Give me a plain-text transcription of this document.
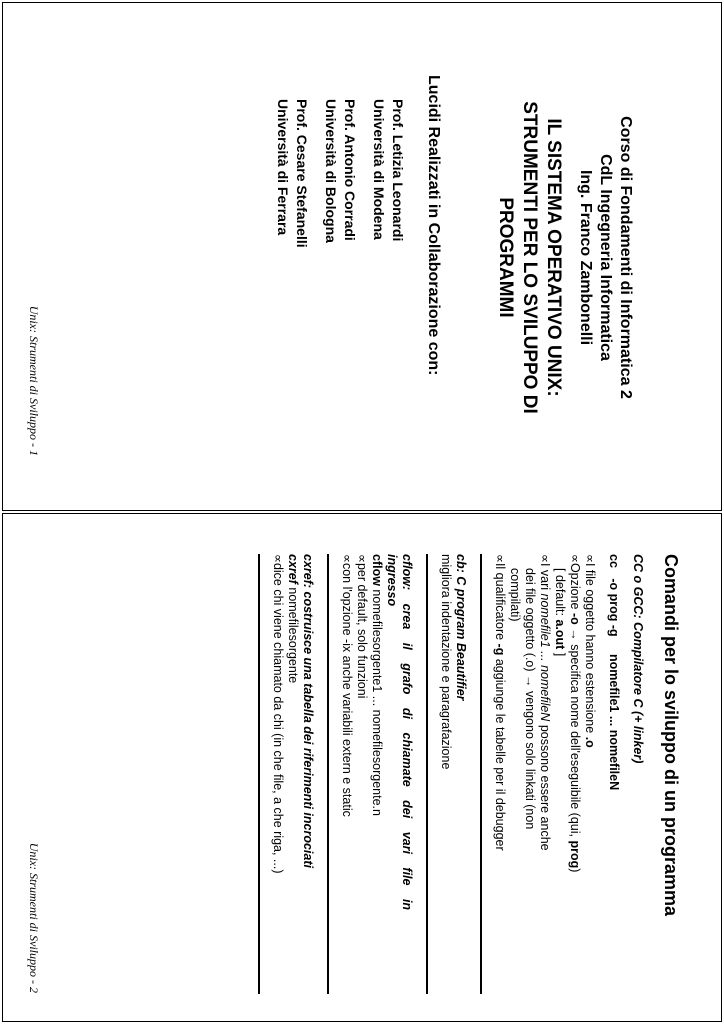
Corso di Fondamenti di Informatica 2
CdL Ingegneria Informatica
Ing. Franco Zambonelli
IL SISTEMA OPERATIVO UNIX:
STRUMENTI PER LO SVILUPPO DI
PROGRAMMI
Lucidi Realizzati in Collaborazione con:
Prof. Letizia Leonardi
Università di Modena
Prof. Antonio Corradi
Università di Bologna
Prof. Cesare Stefanelli
Università di Ferrara
Unix: Strumenti di Sviluppo - 1
Comandi per lo sviluppo di un programma
CC o GCC: Compilatore C (+ linker)
cc   -o prog -g     nomefile1 ... nomefileN
∝I file oggetto hanno estensione .o
∝Opzione -o → specifica nome dell'eseguibile (qui, prog)
[ default: a.out ]
∝I vari nomefile1 ... nomefileN possono essere anche
dei file oggetto (.o) → vengono solo linkati (non
compilati)
∝Il qualificatore -g aggiunge le tabelle per il debugger
cb: C program Beautifier
migliora indentazione e paragrafazione
cflow: crea il grafo di chiamate dei vari file in
ingresso
cflow nomefilesorgente1 ... nomefilesorgente.n
∝per default, solo funzioni
∝con l'opzione -ix anche variabili extern e static
cxref: costruisce una tabella dei riferimenti incrociati
cxref nomefilesorgente
∝dice chi viene chiamato da chi (in che file, a che riga, ...)
Unix: Strumenti di Sviluppo - 2
